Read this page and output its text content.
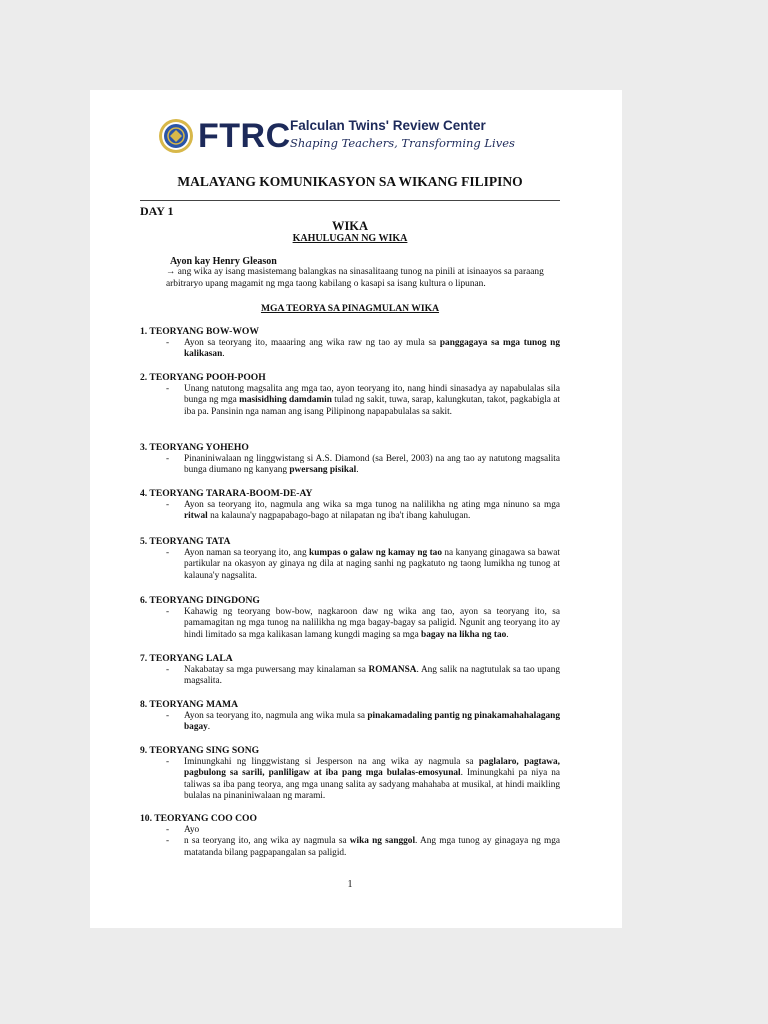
FTRC Falculan Twins' Review Center
Shaping Teachers, Transforming Lives
MALAYANG KOMUNIKASYON SA WIKANG FILIPINO
DAY 1
WIKA
KAHULUGAN NG WIKA
Ayon kay Henry Gleason
→ ang wika ay isang masistemang balangkas na sinasalitaang tunog na pinili at isinaayos sa paraang arbitraryo upang magamit ng mga taong kabilang o kasapi sa isang kultura o lipunan.
MGA TEORYA SA PINAGMULAN WIKA
1. TEORYANG BOW-WOW
- Ayon sa teoryang ito, maaaring ang wika raw ng tao ay mula sa panggagaya sa mga tunog ng kalikasan.
2. TEORYANG POOH-POOH
- Unang natutong magsalita ang mga tao, ayon teoryang ito, nang hindi sinasadya ay napabulalas sila bunga ng mga masisidhing damdamin tulad ng sakit, tuwa, sarap, kalungkutan, takot, pagkabigla at iba pa. Pansinin nga naman ang isang Pilipinong napapabulalas sa sakit.
3. TEORYANG YOHEHO
- Pinaniniwalaan ng linggwistang si A.S. Diamond (sa Berel, 2003) na ang tao ay natutong magsalita bunga diumano ng kanyang pwersang pisikal.
4. TEORYANG TARARA-BOOM-DE-AY
- Ayon sa teoryang ito, nagmula ang wika sa mga tunog na nalilikha ng ating mga ninuno sa mga ritwal na kalauna'y nagpapabago-bago at nilapatan ng iba't ibang kahulugan.
5. TEORYANG TATA
- Ayon naman sa teoryang ito, ang kumpas o galaw ng kamay ng tao na kanyang ginagawa sa bawat partikular na okasyon ay ginaya ng dila at naging sanhi ng pagkatuto ng taong lumikha ng tunog at kalauna'y nagsalita.
6. TEORYANG DINGDONG
- Kahawig ng teoryang bow-bow, nagkaroon daw ng wika ang tao, ayon sa teoryang ito, sa pamamagitan ng mga tunog na nalilikha ng mga bagay-bagay sa paligid. Ngunit ang teoryang ito ay hindi limitado sa mga kalikasan lamang kungdi maging sa mga bagay na likha ng tao.
7. TEORYANG LALA
- Nakabatay sa mga puwersang may kinalaman sa ROMANSA. Ang salik na nagtutulak sa tao upang magsalita.
8. TEORYANG MAMA
- Ayon sa teoryang ito, nagmula ang wika mula sa pinakamadaling pantig ng pinakamahahalagang bagay.
9. TEORYANG SING SONG
- Iminungkahi ng linggwistang si Jesperson na ang wika ay nagmula sa paglalaro, pagtawa, pagbulong sa sarili, panliligaw at iba pang mga bulalas-emosyunal. Iminungkahi pa niya na taliwas sa iba pang teorya, ang mga unang salita ay sadyang mahahaba at musikal, at hindi maikling bulalas na pinaniniwalaan ng marami.
10. TEORYANG COO COO
- Ayo
- n sa teoryang ito, ang wika ay nagmula sa wika ng sanggol. Ang mga tunog ay ginagaya ng mga matatanda bilang pagpapangalan sa paligid.
1
